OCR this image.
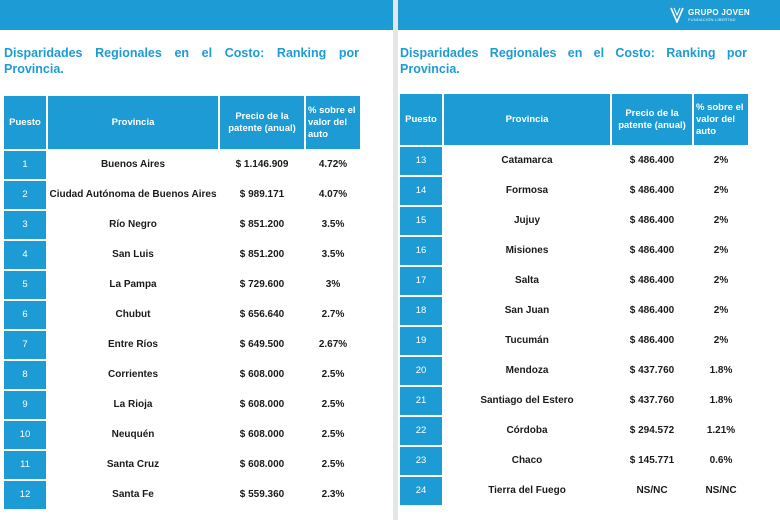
Disparidades Regionales en el Costo: Ranking por Provincia.
Puesto	Provincia	Precio de la patente (anual)	% sobre el valor del auto
1	Buenos Aires	$ 1.146.909	4.72%
2	Ciudad Autónoma de Buenos Aires	$ 989.171	4.07%
3	Río Negro	$ 851.200	3.5%
4	San Luis	$ 851.200	3.5%
5	La Pampa	$ 729.600	3%
6	Chubut	$ 656.640	2.7%
7	Entre Ríos	$ 649.500	2.67%
8	Corrientes	$ 608.000	2.5%
9	La Rioja	$ 608.000	2.5%
10	Neuquén	$ 608.000	2.5%
11	Santa Cruz	$ 608.000	2.5%
12	Santa Fe	$ 559.360	2.3%
GRUPO JOVEN
FUNDACIÓN LIBERTAD
Disparidades Regionales en el Costo: Ranking por Provincia.
Puesto	Provincia	Precio de la patente (anual)	% sobre el valor del auto
13	Catamarca	$ 486.400	2%
14	Formosa	$ 486.400	2%
15	Jujuy	$ 486.400	2%
16	Misiones	$ 486.400	2%
17	Salta	$ 486.400	2%
18	San Juan	$ 486.400	2%
19	Tucumán	$ 486.400	2%
20	Mendoza	$ 437.760	1.8%
21	Santiago del Estero	$ 437.760	1.8%
22	Córdoba	$ 294.572	1.21%
23	Chaco	$ 145.771	0.6%
24	Tierra del Fuego	NS/NC	NS/NC
